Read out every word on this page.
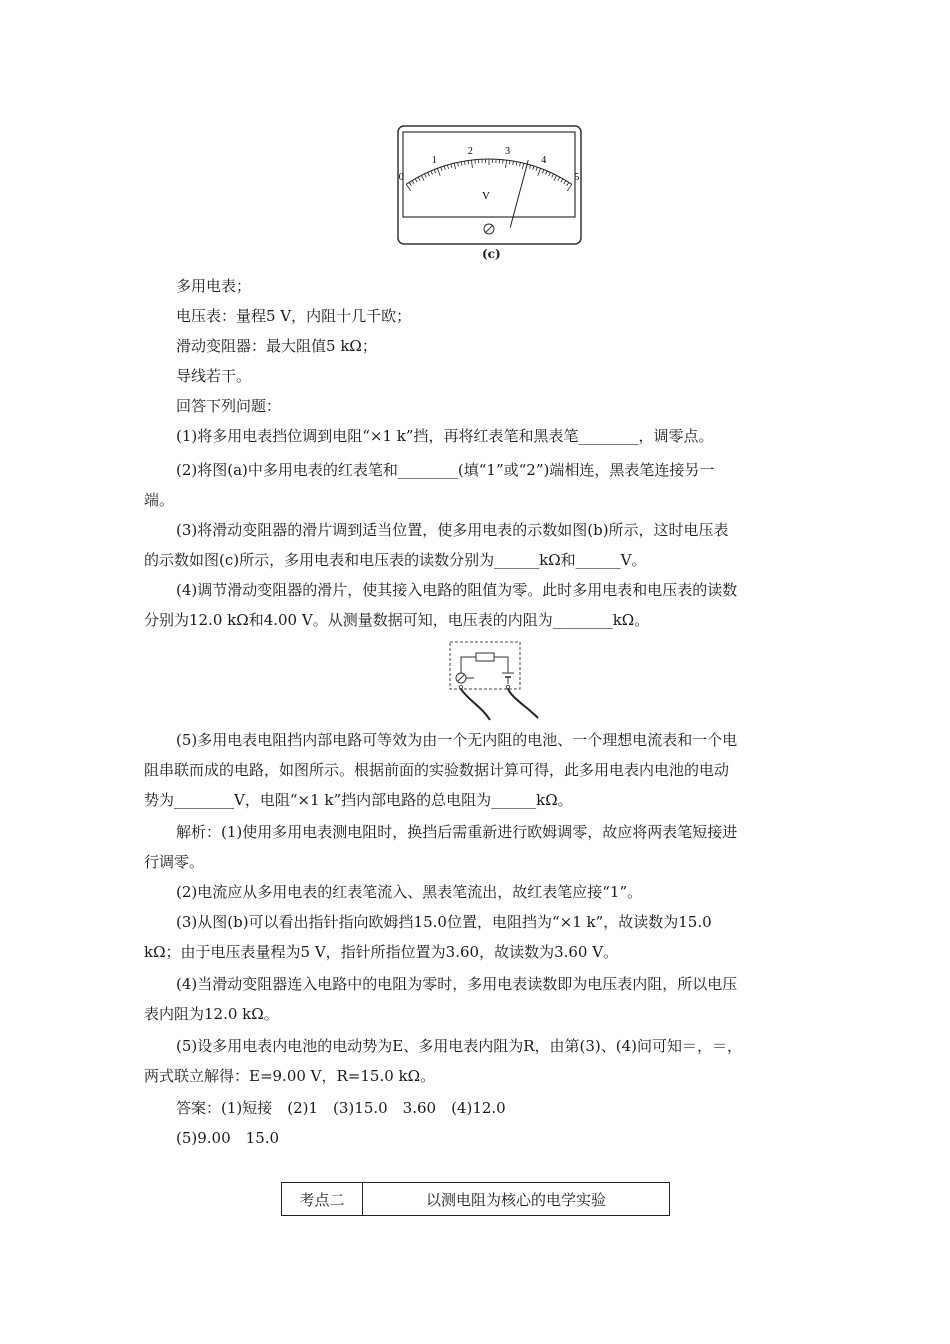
0
1
2	3
4
5
V
(c)
多用电表；
电压表：量程5 V，内阻十几千欧；
滑动变阻器：最大阻值5 kΩ；
导线若干。
回答下列问题：
(1)将多用电表挡位调到电阻“×1 k”挡，再将红表笔和黑表笔________，调零点。
(2)将图(a)中多用电表的红表笔和________(填“1”或“2”)端相连，黑表笔连接另一
端。
(3)将滑动变阻器的滑片调到适当位置，使多用电表的示数如图(b)所示，这时电压表
的示数如图(c)所示，多用电表和电压表的读数分别为______kΩ和______V。
(4)调节滑动变阻器的滑片，使其接入电路的阻值为零。此时多用电表和电压表的读数
分别为12.0 kΩ和4.00 V。从测量数据可知，电压表的内阻为________kΩ。
(5)多用电表电阻挡内部电路可等效为由一个无内阻的电池、一个理想电流表和一个电
阻串联而成的电路，如图所示。根据前面的实验数据计算可得，此多用电表内电池的电动
势为________V，电阻“×1 k”挡内部电路的总电阻为______kΩ。
解析：(1)使用多用电表测电阻时，换挡后需重新进行欧姆调零，故应将两表笔短接进
行调零。
(2)电流应从多用电表的红表笔流入、黑表笔流出，故红表笔应接“1”。
(3)从图(b)可以看出指针指向欧姆挡15.0位置，电阻挡为“×1 k”，故读数为15.0
kΩ；由于电压表量程为5 V，指针所指位置为3.60，故读数为3.60 V。
(4)当滑动变阻器连入电路中的电阻为零时，多用电表读数即为电压表内阻，所以电压
表内阻为12.0 kΩ。
(5)设多用电表内电池的电动势为E、多用电表内阻为R，由第(3)、(4)问可知＝，＝，
两式联立解得：E=9.00 V，R=15.0 kΩ。
答案：(1)短接　(2)1　(3)15.0　3.60　(4)12.0
(5)9.00　15.0
考点二	以测电阻为核心的电学实验
